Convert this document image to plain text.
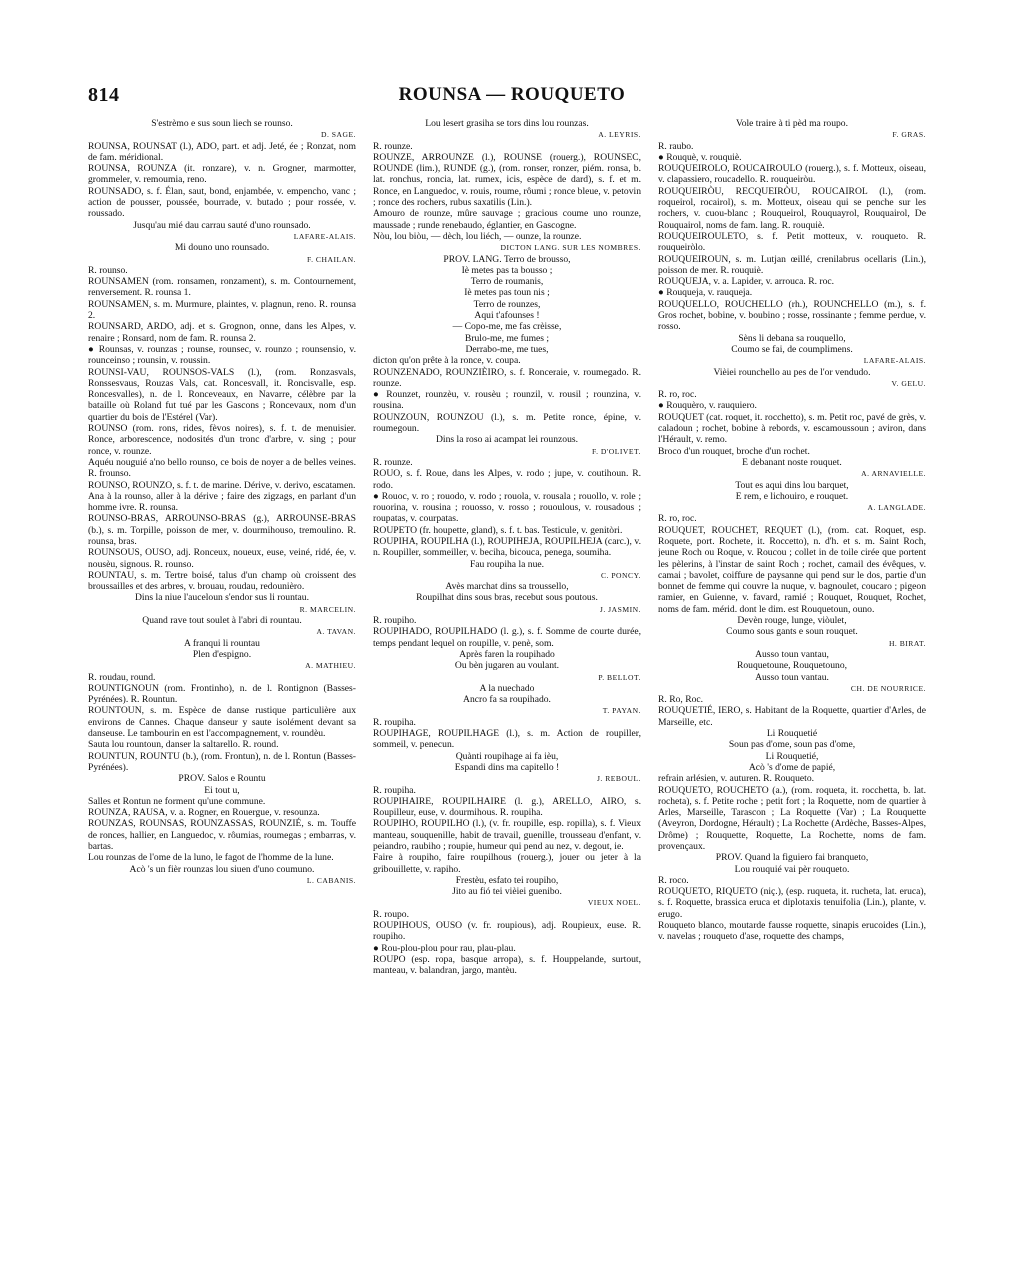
814	ROUNSA — ROUQUETO

S'estrèmo e sus soun liech se rounso.

D. SAGE.

ROUNSA, ROUNSAT (l.), ADO, part. et adj. Jeté, ée ; Ronzat, nom de fam. méridional.

ROUNSA, ROUNZA (it. ronzare), v. n. Grogner, marmotter, grommeler, v. remoumia, reno.

ROUNSADO, s. f. Élan, saut, bond, enjambée, v. empencho, vanc ; action de pousser, poussée, bourrade, v. butado ; pour rossée, v. roussado.

Jusqu'au mié dau carrau sauté d'uno rounsado.

LAFARE-ALAIS.

Mi douno uno rounsado.

F. CHAILAN.

R. rounso.

ROUNSAMEN (rom. ronsamen, ronzament), s. m. Contournement, renversement. R. rounsa 1.

ROUNSAMEN, s. m. Murmure, plaintes, v. plagnun, reno. R. rounsa 2.

ROUNSARD, ARDO, adj. et s. Grognon, onne, dans les Alpes, v. renaire ; Ronsard, nom de fam. R. rounsa 2.

● Rounsas, v. rounzas ; rounse, rounsec, v. rounzo ; rounsensio, v. rounceinso ; rounsin, v. roussin.

ROUNSI-VAU, ROUNSOS-VALS (l.), (rom. Ronzasvals, Ronssesvaus, Rouzas Vals, cat. Roncesvall, it. Roncisvalle, esp. Roncesvalles), n. de l. Ronceveaux, en Navarre, célèbre par la bataille où Roland fut tué par les Gascons ; Roncevaux, nom d'un quartier du bois de l'Estérel (Var).

ROUNSO (rom. rons, rides, fèvos noires), s. f. t. de menuisier. Ronce, arborescence, nodosités d'un tronc d'arbre, v. sing ; pour ronce, v. rounze.

Aquéu nouguié a'no bello rounso, ce bois de noyer a de belles veines. R. frounso.

ROUNSO, ROUNZO, s. f. t. de marine. Dérive, v. derivo, escatamen.

Ana à la rounso, aller à la dérive ; faire des zigzags, en parlant d'un homme ivre. R. rounsa.

ROUNSO-BRAS, ARROUNSO-BRAS (g.), ARROUNSE-BRAS (b.), s. m. Torpille, poisson de mer, v. dourmihouso, tremoulino. R. rounsa, bras.

ROUNSOUS, OUSO, adj. Ronceux, noueux, euse, veiné, ridé, ée, v. nousèu, signous. R. rounso.

ROUNTAU, s. m. Tertre boisé, talus d'un champ où croissent des broussailles et des arbres, v. brouau, roudau, redounièro.

Dins la niue l'auceloun s'endor sus li rountau.

R. MARCELIN.

Quand rave tout soulet à l'abri di rountau.

A. TAVAN.

A franqui li rountau

Plen d'espigno.

A. MATHIEU.

R. roudau, round.

ROUNTIGNOUN (rom. Frontinho), n. de l. Rontignon (Basses-Pyrénées). R. Rountun.

ROUNTOUN, s. m. Espèce de danse rustique particulière aux environs de Cannes. Chaque danseur y saute isolément devant sa danseuse. Le tambourin en est l'accompagnement, v. roundèu.

Sauta lou rountoun, danser la saltarello. R. round.

ROUNTUN, ROUNTU (b.), (rom. Frontun), n. de l. Rontun (Basses-Pyrénées).

PROV. Salos e Rountu

Ei tout u,

Salles et Rontun ne forment qu'une commune.

ROUNZA, RAUSA, v. a. Rogner, en Rouergue, v. resounza.

ROUNZAS, ROUNSAS, ROUNZASSAS, ROUNZIÉ, s. m. Touffe de ronces, hallier, en Languedoc, v. rôumias, roumegas ; embarras, v. bartas.

Lou rounzas de l'ome de la luno, le fagot de l'homme de la lune.

Acò 's un fièr rounzas lou siuen d'uno coumuno.

L. CABANIS.

Lou lesert grasiha se tors dins lou rounzas.

A. LEYRIS.

R. rounze.

ROUNZE, ARROUNZE (l.), ROUNSE (rouerg.), ROUNSEC, ROUNDE (lim.), RUNDE (g.), (rom. ronser, ronzer, piém. ronsa, b. lat. ronchus, roncia, lat. rumex, icis, espèce de dard), s. f. et m. Ronce, en Languedoc, v. rouis, roume, rôumi ; ronce bleue, v. petovin ; ronce des rochers, rubus saxatilis (Lin.).

Amouro de rounze, mûre sauvage ; gracious coume uno rounze, maussade ; runde renebaudo, églantier, en Gascogne.

Nòu, lou biòu, — dèch, lou liéch, — ounze, la rounze.

DICTON LANG. SUR LES NOMBRES.

PROV. LANG. Terro de brousso,

Iè metes pas ta bousso ;

Terro de roumanis,

Iè metes pas toun nis ;

Terro de rounzes,

Aqui t'afounses !

— Copo-me, me fas crèisse,

Brulo-me, me fumes ;

Derrabo-me, me tues,

dicton qu'on prête à la ronce, v. coupa.

ROUNZENADO, ROUNZIÈIRO, s. f. Ronceraie, v. roumegado. R. rounze.

● Rounzet, rounzèu, v. rousèu ; rounzil, v. rousil ; rounzina, v. rousina.

ROUNZOUN, ROUNZOU (l.), s. m. Petite ronce, épine, v. roumegoun.

Dins la roso ai acampat lei rounzous.

F. D'OLIVET.

R. rounze.

ROUO, s. f. Roue, dans les Alpes, v. rodo ; jupe, v. coutihoun. R. rodo.

● Rouoc, v. ro ; rouodo, v. rodo ; rouola, v. rousala ; rouollo, v. role ; rouorina, v. rousina ; rouosso, v. rosso ; rououlous, v. rousadous ; roupatas, v. courpatas.

ROUPETO (fr. houpette, gland), s. f. t. bas. Testicule, v. genitòri.

ROUPIHA, ROUPILHA (l.), ROUPIHEJA, ROUPILHEJA (carc.), v. n. Roupiller, sommeiller, v. beciha, bicouca, penega, soumiha.

Fau roupiha la nue.

C. PONCY.

Avès marchat dins sa troussello,

Roupilhat dins sous bras, recebut sous poutous.

J. JASMIN.

R. roupiho.

ROUPIHADO, ROUPILHADO (l. g.), s. f. Somme de courte durée, temps pendant lequel on roupille, v. penè, som.

Après faren la roupihado

Ou bèn jugaren au voulant.

P. BELLOT.

A la nuechado

Ancro fa sa roupihado.

T. PAYAN.

R. roupiha.

ROUPIHAGE, ROUPILHAGE (l.), s. m. Action de roupiller, sommeil, v. penecun.

Quànti roupihage ai fa ièu,

Espandi dins ma capitello !

J. REBOUL.

R. roupiha.

ROUPIHAIRE, ROUPILHAIRE (l. g.), ARELLO, AIRO, s. Roupilleur, euse, v. dourmihous. R. roupiha.

ROUPIHO, ROUPILHO (l.), (v. fr. roupille, esp. ropilla), s. f. Vieux manteau, souquenille, habit de travail, guenille, trousseau d'enfant, v. peiandro, raubiho ; roupie, humeur qui pend au nez, v. degout, ie.

Faire à roupiho, faire roupilhous (rouerg.), jouer ou jeter à la gribouillette, v. rapiho.

Frestèu, esfato tei roupiho,

Jito au fió tei vièiei guenibo.

VIEUX NOEL.

R. roupo.

ROUPIHOUS, OUSO (v. fr. roupious), adj. Roupieux, euse. R. roupiho.

● Rou-plou-plou pour rau, plau-plau.

ROUPO (esp. ropa, basque arropa), s. f. Houppelande, surtout, manteau, v. balandran, jargo, mantèu.

Vole traire à ti pèd ma roupo.

F. GRAS.

R. raubo.

● Rouquè, v. rouquiè.

ROUQUEIROLO, ROUCAIROULO (rouerg.), s. f. Motteux, oiseau, v. clapassiero, roucadello. R. rouqueiròu.

ROUQUEIRÒU, RECQUEIRÒU, ROUCAIROL (l.), (rom. roqueirol, rocairol), s. m. Motteux, oiseau qui se penche sur les rochers, v. cuou-blanc ; Rouqueirol, Rouquayrol, Rouquairol, De Rouquairol, noms de fam. lang. R. rouquiè.

ROUQUEIROULETO, s. f. Petit motteux, v. rouqueto. R. rouqueiròlo.

ROUQUEIROUN, s. m. Lutjan œillé, crenilabrus ocellaris (Lin.), poisson de mer. R. rouquiè.

ROUQUEJA, v. a. Lapider, v. arrouca. R. roc.

● Rouqueja, v. rauqueja.

ROUQUELLO, ROUCHELLO (rh.), ROUNCHELLO (m.), s. f. Gros rochet, bobine, v. boubino ; rosse, rossinante ; femme perdue, v. rosso.

Sèns li debana sa rouquello,

Coumo se fai, de coumplimens.

LAFARE-ALAIS.

Vièiei rounchello au pes de l'or vendudo.

V. GELU.

R. ro, roc.

● Rouquèro, v. rauquiero.

ROUQUET (cat. roquet, it. rocchetto), s. m. Petit roc, pavé de grès, v. caladoun ; rochet, bobine à rebords, v. escamoussoun ; aviron, dans l'Hérault, v. remo.

Broco d'un rouquet, broche d'un rochet.

E debanant noste rouquet.

A. ARNAVIELLE.

Tout es aqui dins lou barquet,

E rem, e lichouiro, e rouquet.

A. LANGLADE.

R. ro, roc.

ROUQUET, ROUCHET, REQUET (l.), (rom. cat. Roquet, esp. Roquete, port. Rochete, it. Roccetto), n. d'h. et s. m. Saint Roch, jeune Roch ou Roque, v. Roucou ; collet in de toile cirée que portent les pèlerins, à l'instar de saint Roch ; rochet, camail des évêques, v. camai ; bavolet, coiffure de paysanne qui pend sur le dos, partie d'un bonnet de femme qui couvre la nuque, v. bagnoulet, coucaro ; pigeon ramier, en Guienne, v. favard, ramié ; Rouquet, Rouquet, Rochet, noms de fam. mérid. dont le dim. est Rouquetoun, ouno.

Devèn rouge, lunge, viòulet,

Coumo sous gants e soun rouquet.

H. BIRAT.

Ausso toun vantau,

Rouquetoune, Rouquetouno,

Ausso toun vantau.

CH. DE NOURRICE.

R. Ro, Roc.

ROUQUETIÉ, IERO, s. Habitant de la Roquette, quartier d'Arles, de Marseille, etc.

Li Rouquetié

Soun pas d'ome, soun pas d'ome,

Li Rouquetié,

Acò 's d'ome de papié,

refrain arlésien, v. auturen. R. Rouqueto.

ROUQUETO, ROUCHETO (a.), (rom. roqueta, it. rocchetta, b. lat. rocheta), s. f. Petite roche ; petit fort ; la Roquette, nom de quartier à Arles, Marseille, Tarascon ; La Roquette (Var) ; La Rouquette (Aveyron, Dordogne, Hérault) ; La Rochette (Ardèche, Basses-Alpes, Drôme) ; Rouquette, Roquette, La Rochette, noms de fam. provençaux.

PROV. Quand la figuiero fai branqueto,

Lou rouquié vai pèr rouqueto.

R. roco.

ROUQUETO, RIQUETO (niç.), (esp. ruqueta, it. rucheta, lat. eruca), s. f. Roquette, brassica eruca et diplotaxis tenuifolia (Lin.), plante, v. erugo.

Rouqueto blanco, moutarde fausse roquette, sinapis erucoides (Lin.), v. navelas ; rouqueto d'ase, roquette des champs,
